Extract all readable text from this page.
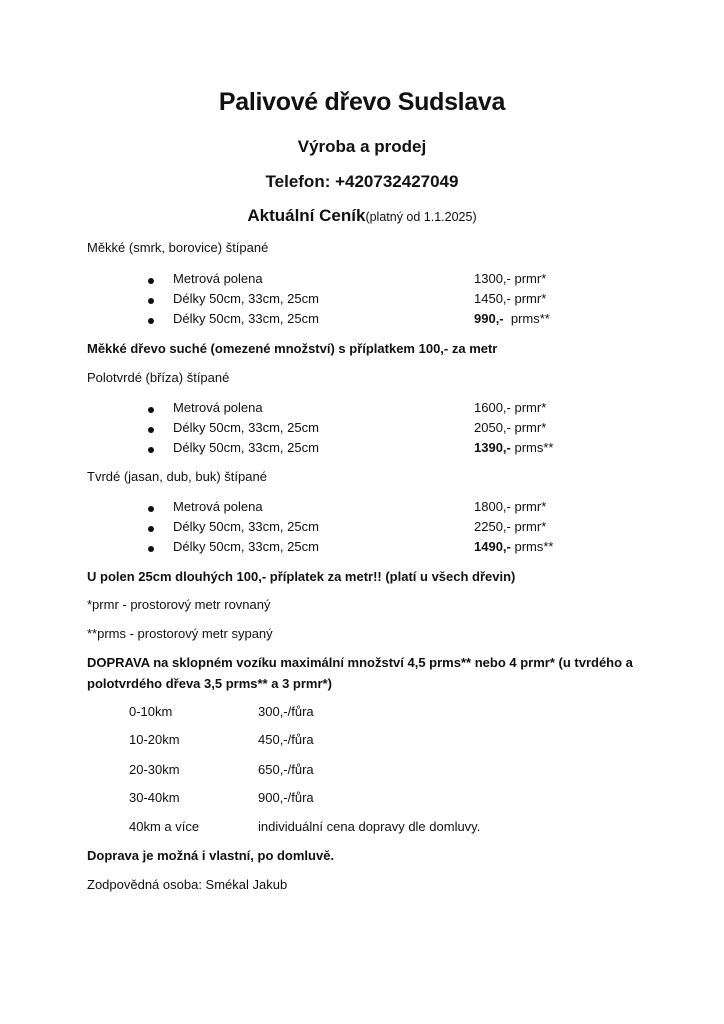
Palivové dřevo Sudslava
Výroba a prodej
Telefon: +420732427049
Aktuální Ceník(platný od 1.1.2025)
Měkké (smrk, borovice) štípané
Metrová polena	1300,- prmr*
Délky 50cm, 33cm, 25cm	1450,- prmr*
Délky 50cm, 33cm, 25cm	990,-  prms**
Měkké dřevo suché (omezené množství) s příplatkem 100,- za metr
Polotvrdé (bříza) štípané
Metrová polena	1600,- prmr*
Délky 50cm, 33cm, 25cm	2050,- prmr*
Délky 50cm, 33cm, 25cm	1390,- prms**
Tvrdé (jasan, dub, buk) štípané
Metrová polena	1800,- prmr*
Délky 50cm, 33cm, 25cm	2250,- prmr*
Délky 50cm, 33cm, 25cm	1490,- prms**
U polen 25cm dlouhých 100,- příplatek za metr!! (platí u všech dřevin)
*prmr - prostorový metr rovnaný
**prms - prostorový metr sypaný
DOPRAVA na sklopném vozíku maximální množství 4,5 prms** nebo 4 prmr* (u tvrdého a
polotvrdého dřeva 3,5 prms** a 3 prmr*)
0-10km	300,-/fůra
10-20km	450,-/fůra
20-30km	650,-/fůra
30-40km	900,-/fůra
40km a více	individuální cena dopravy dle domluvy.
Doprava je možná i vlastní, po domluvě.
Zodpovědná osoba: Smékal Jakub
